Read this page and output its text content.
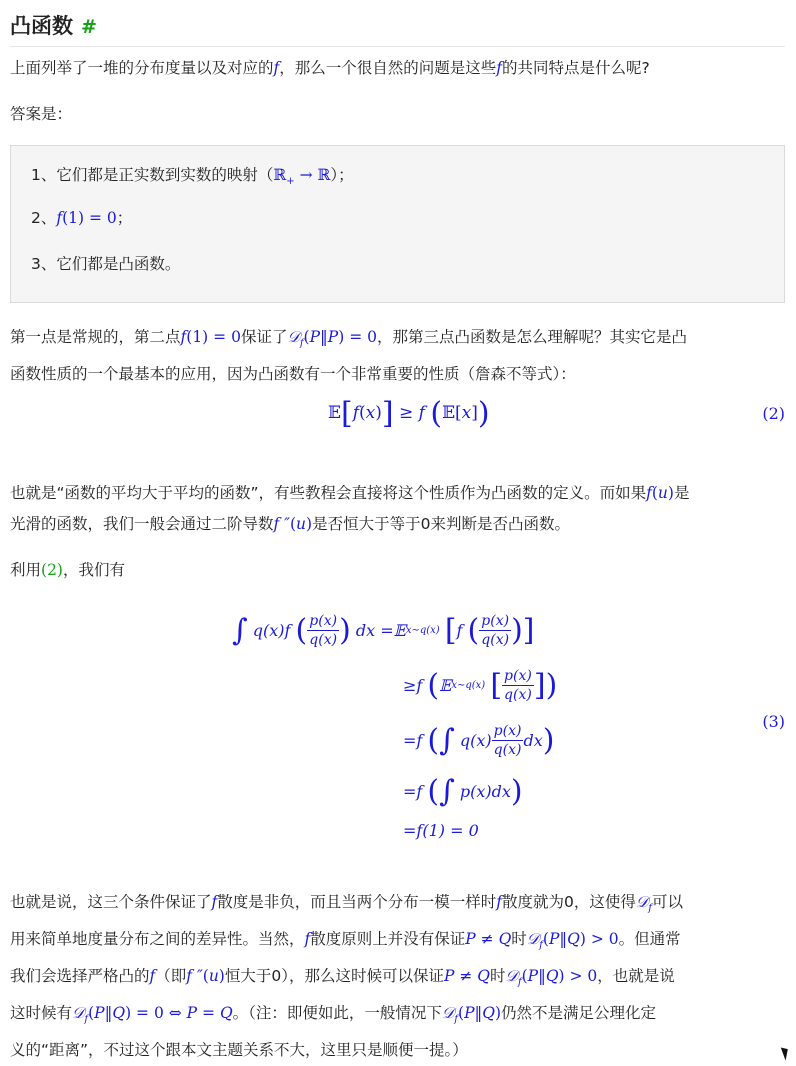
凸函数 #

上面列举了一堆的分布度量以及对应的f，那么一个很自然的问题是这些f的共同特点是什么呢?

答案是：

1、它们都是正实数到实数的映射（ℝ$_+$ → ℝ）；
2、f(1) = 0；
3、它们都是凸函数。

第一点是常规的，第二点f(1) = 0保证了𝒟$_f$(P‖P) = 0，那第三点凸函数是怎么理解呢？其实它是凸
函数性质的一个最基本的应用，因为凸函数有一个非常重要的性质（詹森不等式）：

𝔼[f(x)] ≥ f (𝔼[x])	(2)

也就是“函数的平均大于平均的函数”，有些教程会直接将这个性质作为凸函数的定义。而如果f(u)是
光滑的函数，我们一般会通过二阶导数f ″(u)是否恒大于等于0来判断是否凸函数。

利用(2)，我们有

∫
q ( x ) f
( $\frac{p(x)}{q(x)}$ )
dx = 𝔼 x∼q(x)
[ f
( $\frac{p(x)}{q(x)}$ ) ]
≥ f
( 𝔼 x∼q(x)
[ $\frac{p(x)}{q(x)}$ ] )
= f
( ∫
q ( x ) $\frac{p(x)}{q(x)}$ dx )
= f
( ∫
p ( x ) dx )
= f (1) = 0
(3)

也就是说，这三个条件保证了f散度是非负，而且当两个分布一模一样时f散度就为0，这使得𝒟$_f$可以
用来简单地度量分布之间的差异性。当然，f散度原则上并没有保证P ≠ Q时𝒟$_f$(P‖Q) > 0。但通常
我们会选择严格凸的f（即f ″(u)恒大于0），那么这时候可以保证P ≠ Q时𝒟$_f$(P‖Q) > 0，也就是说
这时候有𝒟$_f$(P‖Q) = 0 ⇔ P = Q。（注：即便如此，一般情况下𝒟$_f$(P‖Q)仍然不是满足公理化定
义的“距离”，不过这个跟本文主题关系不大，这里只是顺便一提。）
